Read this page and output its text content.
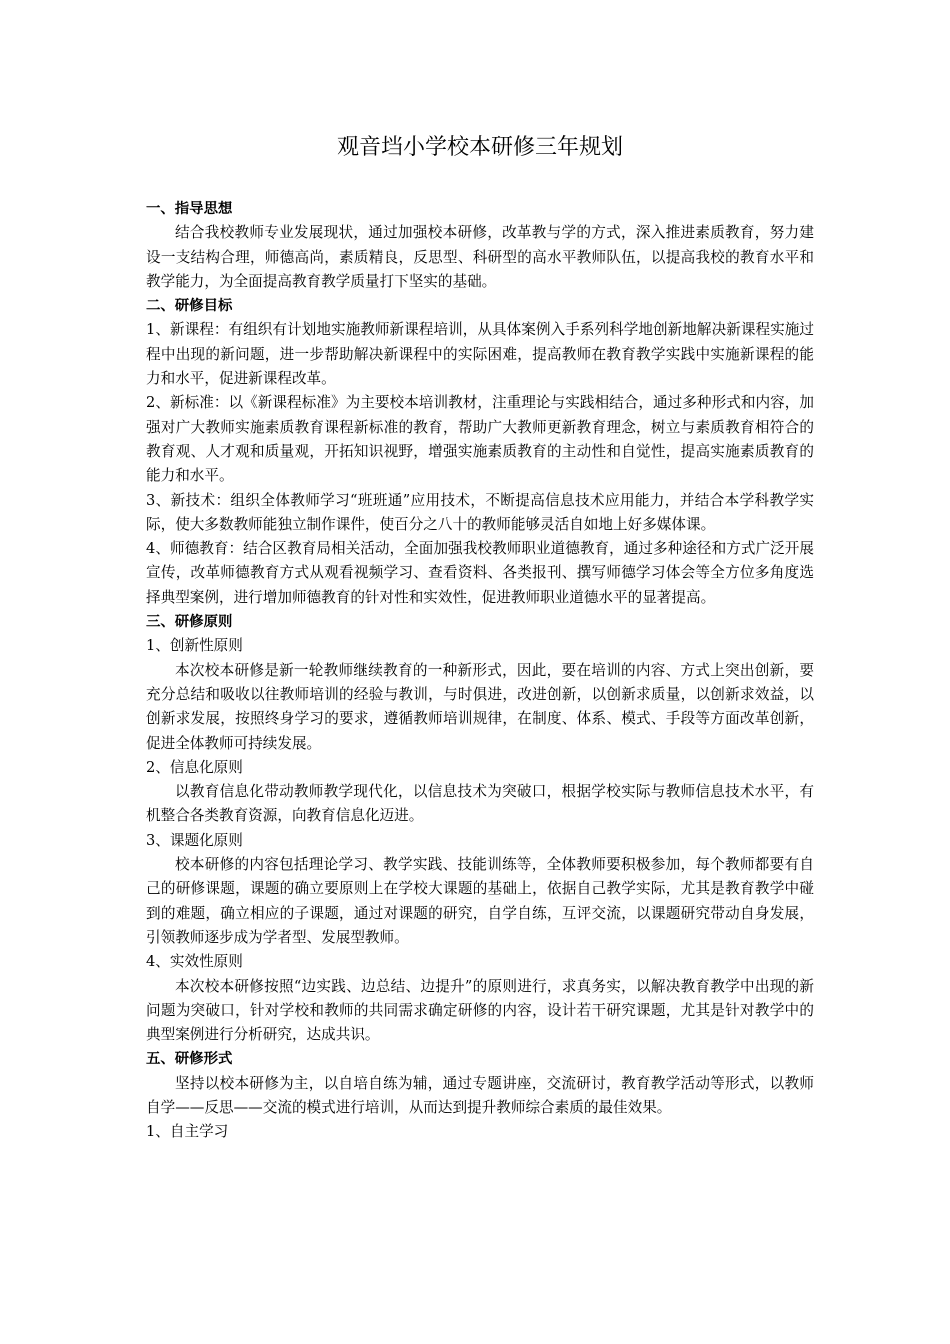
观音垱小学校本研修三年规划

一、指导思想

结合我校教师专业发展现状，通过加强校本研修，改革教与学的方式，深入推进素质教育，努力建设一支结构合理，师德高尚，素质精良，反思型、科研型的高水平教师队伍，以提高我校的教育水平和教学能力，为全面提高教育教学质量打下坚实的基础。

二、研修目标

1、新课程：有组织有计划地实施教师新课程培训，从具体案例入手系列科学地创新地解决新课程实施过程中出现的新问题，进一步帮助解决新课程中的实际困难，提高教师在教育教学实践中实施新课程的能力和水平，促进新课程改革。

2、新标准：以《新课程标准》为主要校本培训教材，注重理论与实践相结合，通过多种形式和内容，加强对广大教师实施素质教育课程新标准的教育，帮助广大教师更新教育理念，树立与素质教育相符合的教育观、人才观和质量观，开拓知识视野，增强实施素质教育的主动性和自觉性，提高实施素质教育的能力和水平。

3、新技术：组织全体教师学习“班班通”应用技术，不断提高信息技术应用能力，并结合本学科教学实际，使大多数教师能独立制作课件，使百分之八十的教师能够灵活自如地上好多媒体课。

4、师德教育：结合区教育局相关活动，全面加强我校教师职业道德教育，通过多种途径和方式广泛开展宣传，改革师德教育方式从观看视频学习、查看资料、各类报刊、撰写师德学习体会等全方位多角度选择典型案例，进行增加师德教育的针对性和实效性，促进教师职业道德水平的显著提高。

三、研修原则

1、创新性原则

本次校本研修是新一轮教师继续教育的一种新形式，因此，要在培训的内容、方式上突出创新，要充分总结和吸收以往教师培训的经验与教训，与时俱进，改进创新，以创新求质量，以创新求效益，以创新求发展，按照终身学习的要求，遵循教师培训规律，在制度、体系、模式、手段等方面改革创新，促进全体教师可持续发展。

2、信息化原则

以教育信息化带动教师教学现代化，以信息技术为突破口，根据学校实际与教师信息技术水平，有机整合各类教育资源，向教育信息化迈进。

3、课题化原则

校本研修的内容包括理论学习、教学实践、技能训练等，全体教师要积极参加，每个教师都要有自己的研修课题，课题的确立要原则上在学校大课题的基础上，依据自己教学实际，尤其是教育教学中碰到的难题，确立相应的子课题，通过对课题的研究，自学自练，互评交流，以课题研究带动自身发展，引领教师逐步成为学者型、发展型教师。

4、实效性原则

本次校本研修按照“边实践、边总结、边提升”的原则进行，求真务实，以解决教育教学中出现的新问题为突破口，针对学校和教师的共同需求确定研修的内容，设计若干研究课题，尤其是针对教学中的典型案例进行分析研究，达成共识。

五、研修形式

坚持以校本研修为主，以自培自练为辅，通过专题讲座，交流研讨，教育教学活动等形式，以教师自学——反思——交流的模式进行培训，从而达到提升教师综合素质的最佳效果。

1、自主学习
